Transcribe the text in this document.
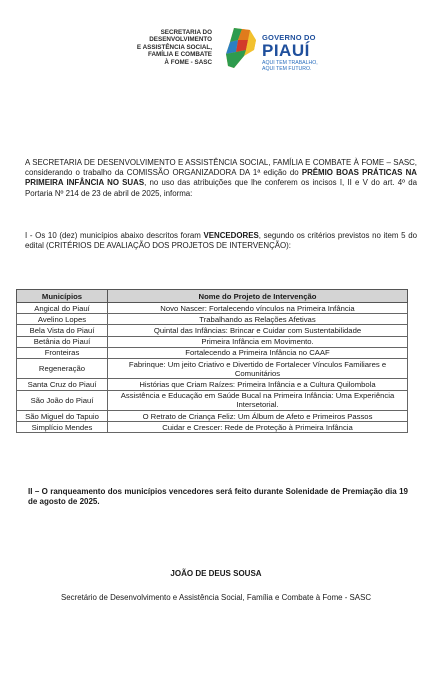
SECRETARIA DO
DESENVOLVIMENTO
E ASSISTÊNCIA SOCIAL,
FAMÍLIA E COMBATE
À FOME - SASC
GOVERNO DO
PIAUÍ
AQUI TEM TRABALHO,
AQUI TEM FUTURO.
A SECRETARIA DE DESENVOLVIMENTO E ASSISTÊNCIA SOCIAL, FAMÍLIA E COMBATE À FOME – SASC, considerando o trabalho da COMISSÃO ORGANIZADORA DA 1ª edição do PRÊMIO BOAS PRÁTICAS NA PRIMEIRA INFÂNCIA NO SUAS, no uso das atribuições que lhe conferem os incisos I, II e V do art. 4º da Portaria Nº 214 de 23 de abril de 2025, informa:
I - Os 10 (dez) municípios abaixo descritos foram VENCEDORES, segundo os critérios previstos no item 5 do edital (CRITÉRIOS DE AVALIAÇÃO DOS PROJETOS DE INTERVENÇÃO):
Municípios	Nome do Projeto de Intervenção
Angical do Piauí	Novo Nascer: Fortalecendo vínculos na Primeira Infância
Avelino Lopes	Trabalhando as Relações Afetivas
Bela Vista do Piauí	Quintal das Infâncias: Brincar e Cuidar com Sustentabilidade
Betânia do Piauí	Primeira Infância em Movimento.
Fronteiras	Fortalecendo a Primeira Infância no CAAF
Regeneração	Fabrinque: Um jeito Criativo e Divertido de Fortalecer Vínculos Familiares e Comunitários
Santa Cruz do Piauí	Histórias que Criam Raízes: Primeira Infância e a Cultura Quilombola
São João do Piauí	Assistência e Educação em Saúde Bucal na Primeira Infância: Uma Experiência Intersetorial.
São Miguel do Tapuio	O Retrato de Criança Feliz: Um Álbum de Afeto e Primeiros Passos
Simplício Mendes	Cuidar e Crescer: Rede de Proteção à Primeira Infância
II – O ranqueamento dos municípios vencedores será feito durante Solenidade de Premiação dia 19 de agosto de 2025.
JOÃO DE DEUS SOUSA
Secretário de Desenvolvimento e Assistência Social, Família e Combate à Fome - SASC
